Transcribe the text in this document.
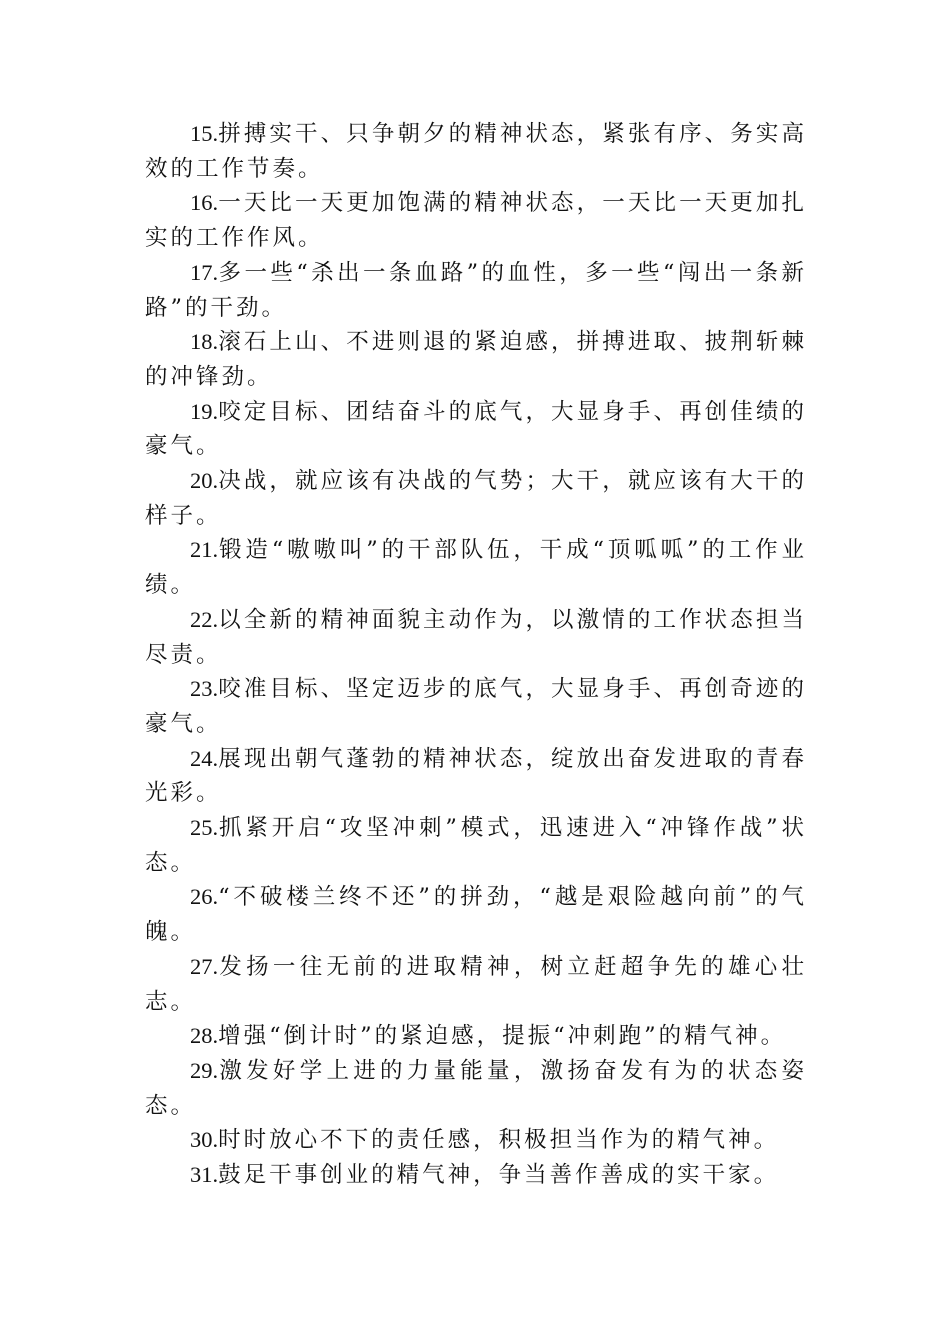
15.拼搏实干、只争朝夕的精神状态，紧张有序、务实高效的工作节奏。

16.一天比一天更加饱满的精神状态，一天比一天更加扎实的工作作风。

17.多一些“杀出一条血路”的血性，多一些“闯出一条新路”的干劲。

18.滚石上山、不进则退的紧迫感，拼搏进取、披荆斩棘的冲锋劲。

19.咬定目标、团结奋斗的底气，大显身手、再创佳绩的豪气。

20.决战，就应该有决战的气势；大干，就应该有大干的样子。

21.锻造“嗷嗷叫”的干部队伍，干成“顶呱呱”的工作业绩。

22.以全新的精神面貌主动作为，以激情的工作状态担当尽责。

23.咬准目标、坚定迈步的底气，大显身手、再创奇迹的豪气。

24.展现出朝气蓬勃的精神状态，绽放出奋发进取的青春光彩。

25.抓紧开启“攻坚冲刺”模式，迅速进入“冲锋作战”状态。

26.“不破楼兰终不还”的拼劲，“越是艰险越向前”的气魄。

27.发扬一往无前的进取精神，树立赶超争先的雄心壮志。

28.增强“倒计时”的紧迫感，提振“冲刺跑”的精气神。

29.激发好学上进的力量能量，激扬奋发有为的状态姿态。

30.时时放心不下的责任感，积极担当作为的精气神。

31.鼓足干事创业的精气神，争当善作善成的实干家。
